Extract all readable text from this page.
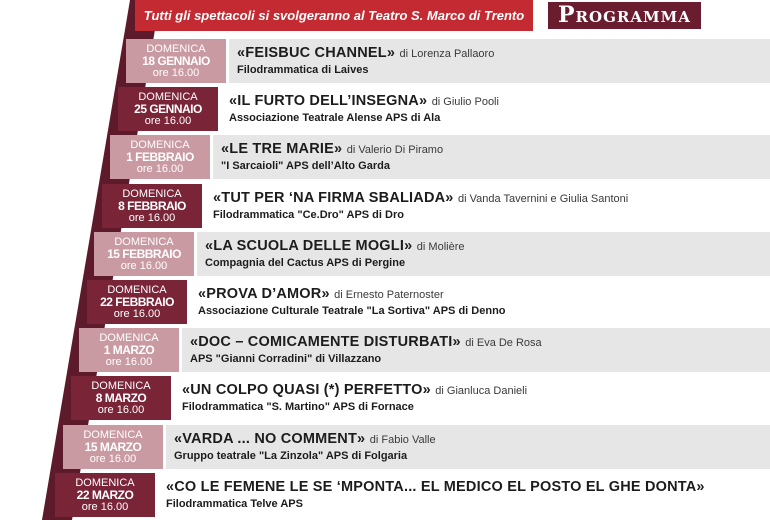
Tutti gli spettacoli si svolgeranno al Teatro S. Marco di Trento	Programma
DOMENICA
18 GENNAIO
ore 16.00
«FEISBUC CHANNEL» di Lorenza Pallaoro
Filodrammatica di Laives
DOMENICA
25 GENNAIO
ore 16.00
«IL FURTO DELL’INSEGNA» di Giulio Pooli
Associazione Teatrale Alense APS di Ala
DOMENICA
1 FEBBRAIO
ore 16.00
«LE TRE MARIE» di Valerio Di Piramo
"I Sarcaioli" APS dell’Alto Garda
DOMENICA
8 FEBBRAIO
ore 16.00
«TUT PER ‘NA FIRMA SBALIADA» di Vanda Tavernini e Giulia Santoni
Filodrammatica "Ce.Dro" APS di Dro
DOMENICA
15 FEBBRAIO
ore 16.00
«LA SCUOLA DELLE MOGLI» di Molière
Compagnia del Cactus APS di Pergine
DOMENICA
22 FEBBRAIO
ore 16.00
«PROVA D’AMOR» di Ernesto Paternoster
Associazione Culturale Teatrale "La Sortiva" APS di Denno
DOMENICA
1 MARZO
ore 16.00
«DOC – COMICAMENTE DISTURBATI» di Eva De Rosa
APS "Gianni Corradini" di Villazzano
DOMENICA
8 MARZO
ore 16.00
«UN COLPO QUASI (*) PERFETTO» di Gianluca Danieli
Filodrammatica "S. Martino" APS di Fornace
DOMENICA
15 MARZO
ore 16.00
«VARDA ... NO COMMENT» di Fabio Valle
Gruppo teatrale "La Zinzola" APS di Folgaria
DOMENICA
22 MARZO
ore 16.00
«CO LE FEMENE LE SE ‘MPONTA... EL MEDICO EL POSTO EL GHE DONTA»
Filodrammatica Telve APS
